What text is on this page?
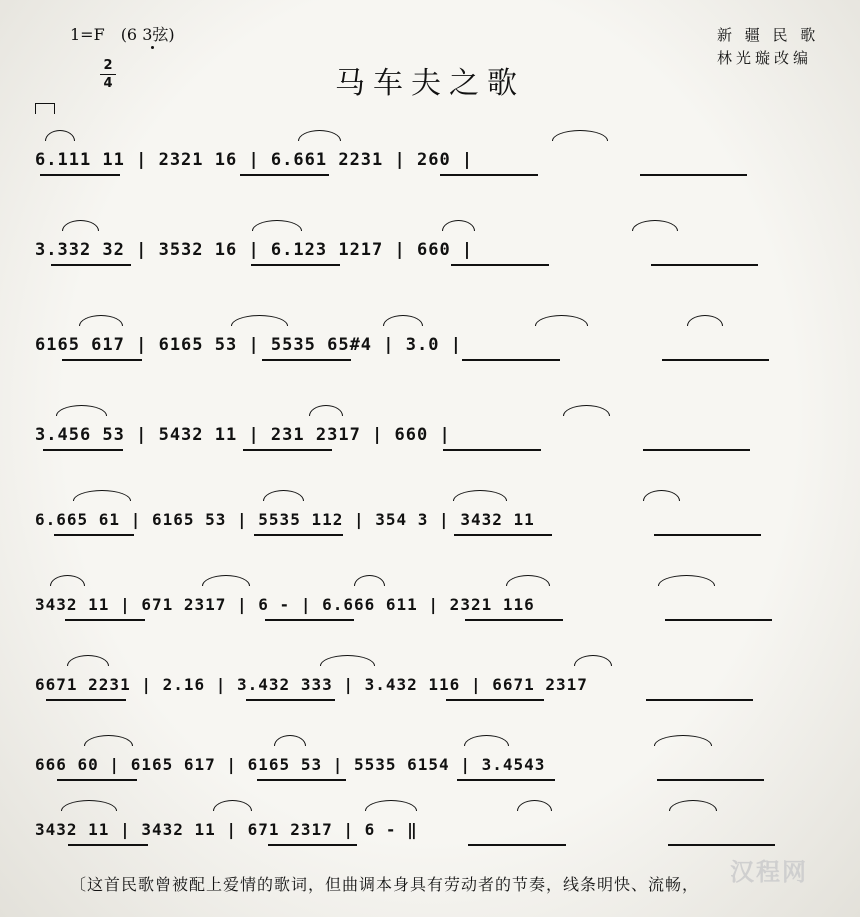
1=F　(6 3弦)
2
4	马车夫之歌
新 疆 民 歌
林光璇改编
6.111 11 | 2321 16 | 6.661 2231 | 260 |
3.332 32 | 3532 16 | 6.123 1217 | 660 |
6165 617 | 6165 53 | 5535 65#4 | 3.0 |
3.456 53 | 5432 11 | 231 2317 | 660 |
6.665 61 | 6165 53 | 5535 112 | 354 3 | 3432 11
3432 11 | 671 2317 | 6 - | 6.666 611 | 2321 116
6671 2231 | 2.16 | 3.432 333 | 3.432 116 | 6671 2317
666 60 | 6165 617 | 6165 53 | 5535 6154 | 3.4543
3432 11 | 3432 11 | 671 2317 | 6 - ‖
〔这首民歌曾被配上爱情的歌词，但曲调本身具有劳动者的节奏，线条明快、流畅， 汉程网
